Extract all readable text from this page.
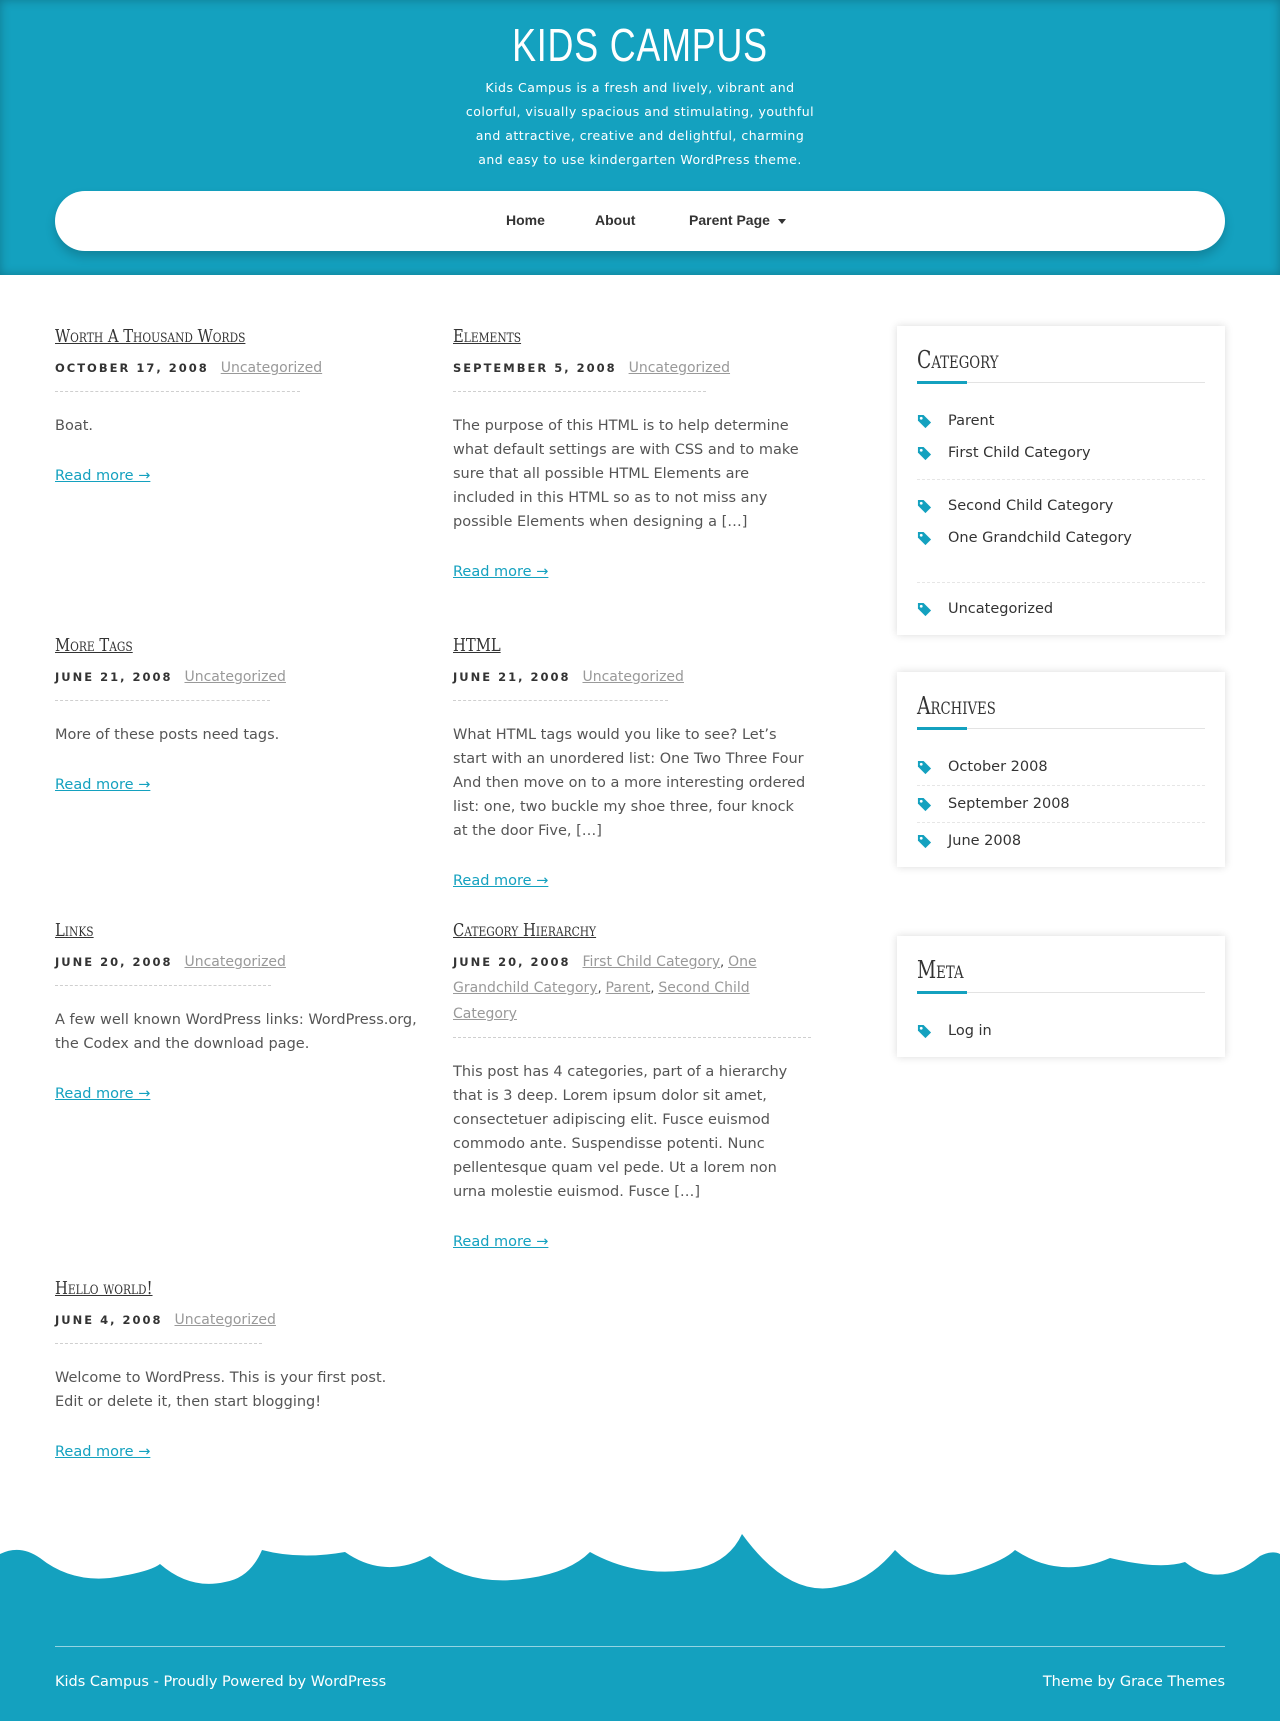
KIDS CAMPUS

Kids Campus is a fresh and lively, vibrant and colorful, visually spacious and stimulating, youthful and attractive, creative and delightful, charming and easy to use kindergarten WordPress theme.

Home	About	Parent Page
Worth A Thousand Words
OCTOBER 17, 2008 Uncategorized

Boat.

Read more →
Elements
SEPTEMBER 5, 2008 Uncategorized

The purpose of this HTML is to help determine what default settings are with CSS and to make sure that all possible HTML Elements are included in this HTML so as to not miss any possible Elements when designing a […]

Read more →
More Tags
JUNE 21, 2008 Uncategorized

More of these posts need tags.

Read more →
HTML
JUNE 21, 2008 Uncategorized

What HTML tags would you like to see? Let’s start with an unordered list: One Two Three Four And then move on to a more interesting ordered list: one, two buckle my shoe three, four knock at the door Five, […]

Read more →
Links
JUNE 20, 2008 Uncategorized

A few well known WordPress links: WordPress.org, the Codex and the download page.

Read more →
Category Hierarchy
JUNE 20, 2008 First Child Category, One Grandchild Category, Parent, Second Child Category

This post has 4 categories, part of a hierarchy that is 3 deep. Lorem ipsum dolor sit amet, consectetuer adipiscing elit. Fusce euismod commodo ante. Suspendisse potenti. Nunc pellentesque quam vel pede. Ut a lorem non urna molestie euismod. Fusce […]

Read more →
Hello world!
JUNE 4, 2008 Uncategorized

Welcome to WordPress. This is your first post. Edit or delete it, then start blogging!

Read more →
Category
Parent
First Child Category
Second Child Category
One Grandchild Category
Uncategorized
Archives
October 2008
September 2008
June 2008
Meta
Log in
Kids Campus - Proudly Powered by WordPress	Theme by Grace Themes
